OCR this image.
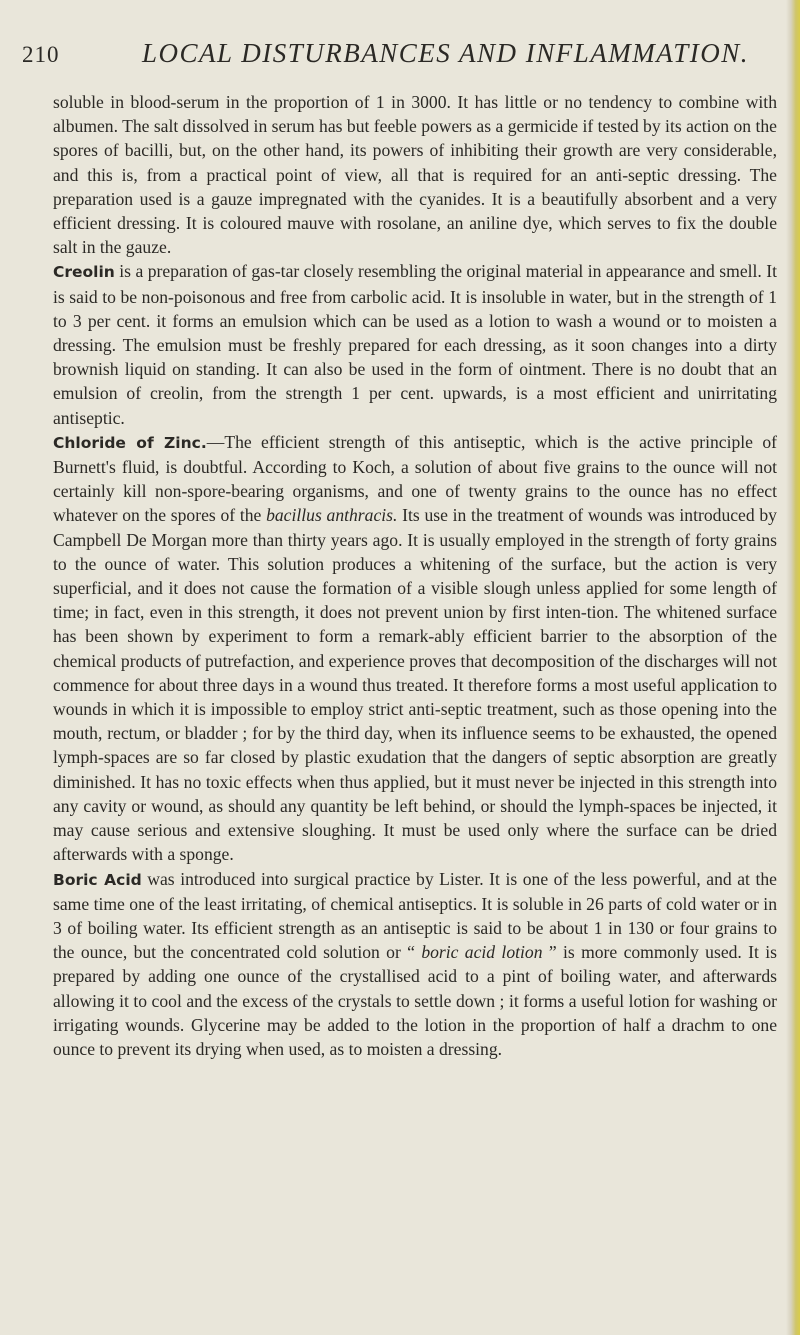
210	LOCAL DISTURBANCES AND INFLAMMATION.

soluble in blood-serum in the proportion of 1 in 3000. It has little or no tendency to combine with albumen. The salt dissolved in serum has but feeble powers as a germicide if tested by its action on the spores of bacilli, but, on the other hand, its powers of inhibiting their growth are very considerable, and this is, from a practical point of view, all that is required for an anti-septic dressing. The preparation used is a gauze impregnated with the cyanides. It is a beautifully absorbent and a very efficient dressing. It is coloured mauve with rosolane, an aniline dye, which serves to fix the double salt in the gauze.

Creolin is a preparation of gas-tar closely resembling the original material in appearance and smell. It is said to be non-poisonous and free from carbolic acid. It is insoluble in water, but in the strength of 1 to 3 per cent. it forms an emulsion which can be used as a lotion to wash a wound or to moisten a dressing. The emulsion must be freshly prepared for each dressing, as it soon changes into a dirty brownish liquid on standing. It can also be used in the form of ointment. There is no doubt that an emulsion of creolin, from the strength 1 per cent. upwards, is a most efficient and unirritating antiseptic.

Chloride of Zinc.—The efficient strength of this antiseptic, which is the active principle of Burnett's fluid, is doubtful. According to Koch, a solution of about five grains to the ounce will not certainly kill non-spore-bearing organisms, and one of twenty grains to the ounce has no effect whatever on the spores of the bacillus anthracis. Its use in the treatment of wounds was introduced by Campbell De Morgan more than thirty years ago. It is usually employed in the strength of forty grains to the ounce of water. This solution produces a whitening of the surface, but the action is very superficial, and it does not cause the formation of a visible slough unless applied for some length of time; in fact, even in this strength, it does not prevent union by first inten-tion. The whitened surface has been shown by experiment to form a remark-ably efficient barrier to the absorption of the chemical products of putrefaction, and experience proves that decomposition of the discharges will not commence for about three days in a wound thus treated. It therefore forms a most useful application to wounds in which it is impossible to employ strict anti-septic treatment, such as those opening into the mouth, rectum, or bladder ; for by the third day, when its influence seems to be exhausted, the opened lymph-spaces are so far closed by plastic exudation that the dangers of septic absorption are greatly diminished. It has no toxic effects when thus applied, but it must never be injected in this strength into any cavity or wound, as should any quantity be left behind, or should the lymph-spaces be injected, it may cause serious and extensive sloughing. It must be used only where the surface can be dried afterwards with a sponge.

Boric Acid was introduced into surgical practice by Lister. It is one of the less powerful, and at the same time one of the least irritating, of chemical antiseptics. It is soluble in 26 parts of cold water or in 3 of boiling water. Its efficient strength as an antiseptic is said to be about 1 in 130 or four grains to the ounce, but the concentrated cold solution or “ boric acid lotion ” is more commonly used. It is prepared by adding one ounce of the crystallised acid to a pint of boiling water, and afterwards allowing it to cool and the excess of the crystals to settle down ; it forms a useful lotion for washing or irrigating wounds. Glycerine may be added to the lotion in the proportion of half a drachm to one ounce to prevent its drying when used, as to moisten a dressing.
